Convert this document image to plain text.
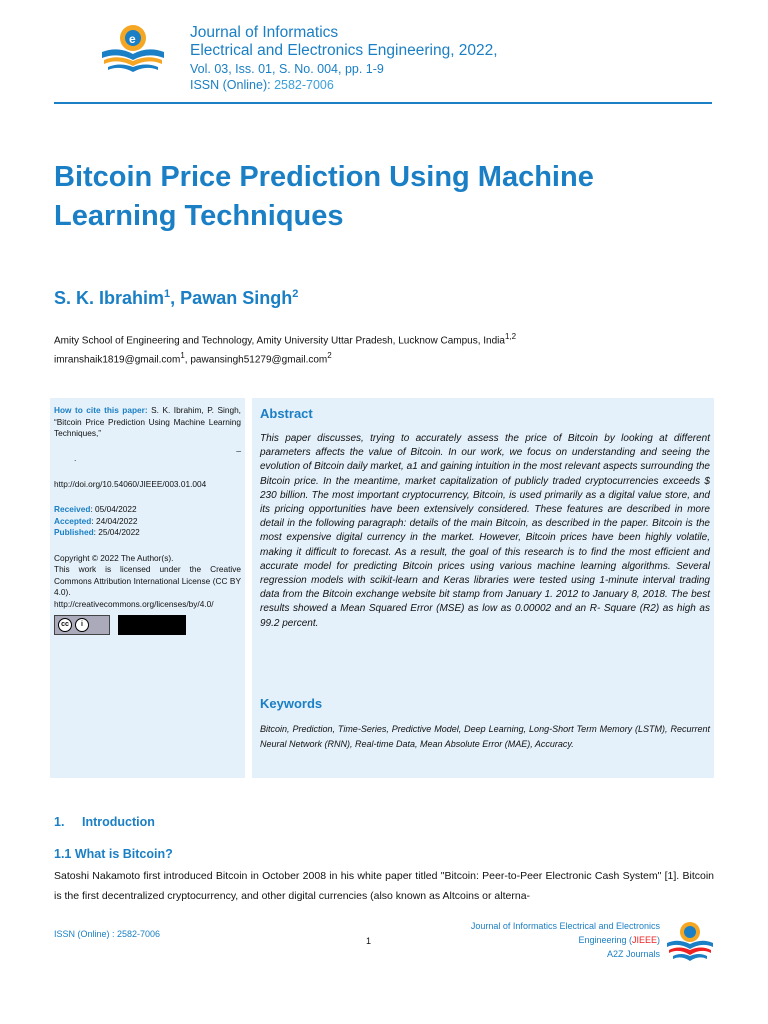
e	Journal of Informatics
Electrical and Electronics Engineering, 2022,
Vol. 03, Iss. 01, S. No. 004, pp. 1-9
ISSN (Online): 2582-7006
Bitcoin Price Prediction Using Machine Learning Techniques
S. K. Ibrahim$^1$, Pawan Singh$^2$
Amity School of Engineering and Technology, Amity University Uttar Pradesh, Lucknow Campus, India$^{1,2}$
imranshaik1819@gmail.com$^1$, pawansingh51279@gmail.com$^2$
How to cite this paper: S. K. Ibrahim, P. Singh, “Bitcoin Price Prediction Using Machine Learning Techniques,”
_
.
http://doi.org/10.54060/JIEEE/003.01.004
Received: 05/04/2022
Accepted: 24/04/2022
Published: 25/04/2022
Copyright © 2022 The Author(s).
This work is licensed under the Creative Commons Attribution International License (CC BY 4.0).
http://creativecommons.org/licenses/by/4.0/
cc	i
Abstract
This paper discusses, trying to accurately assess the price of Bitcoin by looking at different parameters affects the value of Bitcoin. In our work, we focus on understanding and seeing the evolution of Bitcoin daily market, a1 and gaining intuition in the most relevant aspects surrounding the Bitcoin price. In the meantime, market capitalization of publicly traded cryptocurrencies exceeds $ 230 billion. The most important cryptocurrency, Bitcoin, is used primarily as a digital value store, and its pricing opportunities have been extensively considered. These features are described in more detail in the following paragraph: details of the main Bitcoin, as described in the paper. Bitcoin is the most expensive digital currency in the market. However, Bitcoin prices have been highly volatile, making it difficult to forecast. As a result, the goal of this research is to find the most efficient and accurate model for predicting Bitcoin prices using various machine learning algorithms. Several regression models with scikit-learn and Keras libraries were tested using 1-minute interval trading data from the Bitcoin exchange website bit stamp from January 1. 2012 to January 8, 2018. The best results showed a Mean Squared Error (MSE) as low as 0.00002 and an R- Square (R2) as high as 99.2 percent.
Keywords
Bitcoin, Prediction, Time-Series, Predictive Model, Deep Learning, Long-Short Term Memory (LSTM), Recurrent Neural Network (RNN), Real-time Data, Mean Absolute Error (MAE), Accuracy.
1. Introduction
1.1 What is Bitcoin?
Satoshi Nakamoto first introduced Bitcoin in October 2008 in his white paper titled "Bitcoin: Peer-to-Peer Electronic Cash System" [1]. Bitcoin is the first decentralized cryptocurrency, and other digital currencies (also known as Altcoins or alterna-
ISSN (Online) : 2582-7006
1
Journal of Informatics Electrical and Electronics
Engineering (JIEEE)
A2Z Journals
